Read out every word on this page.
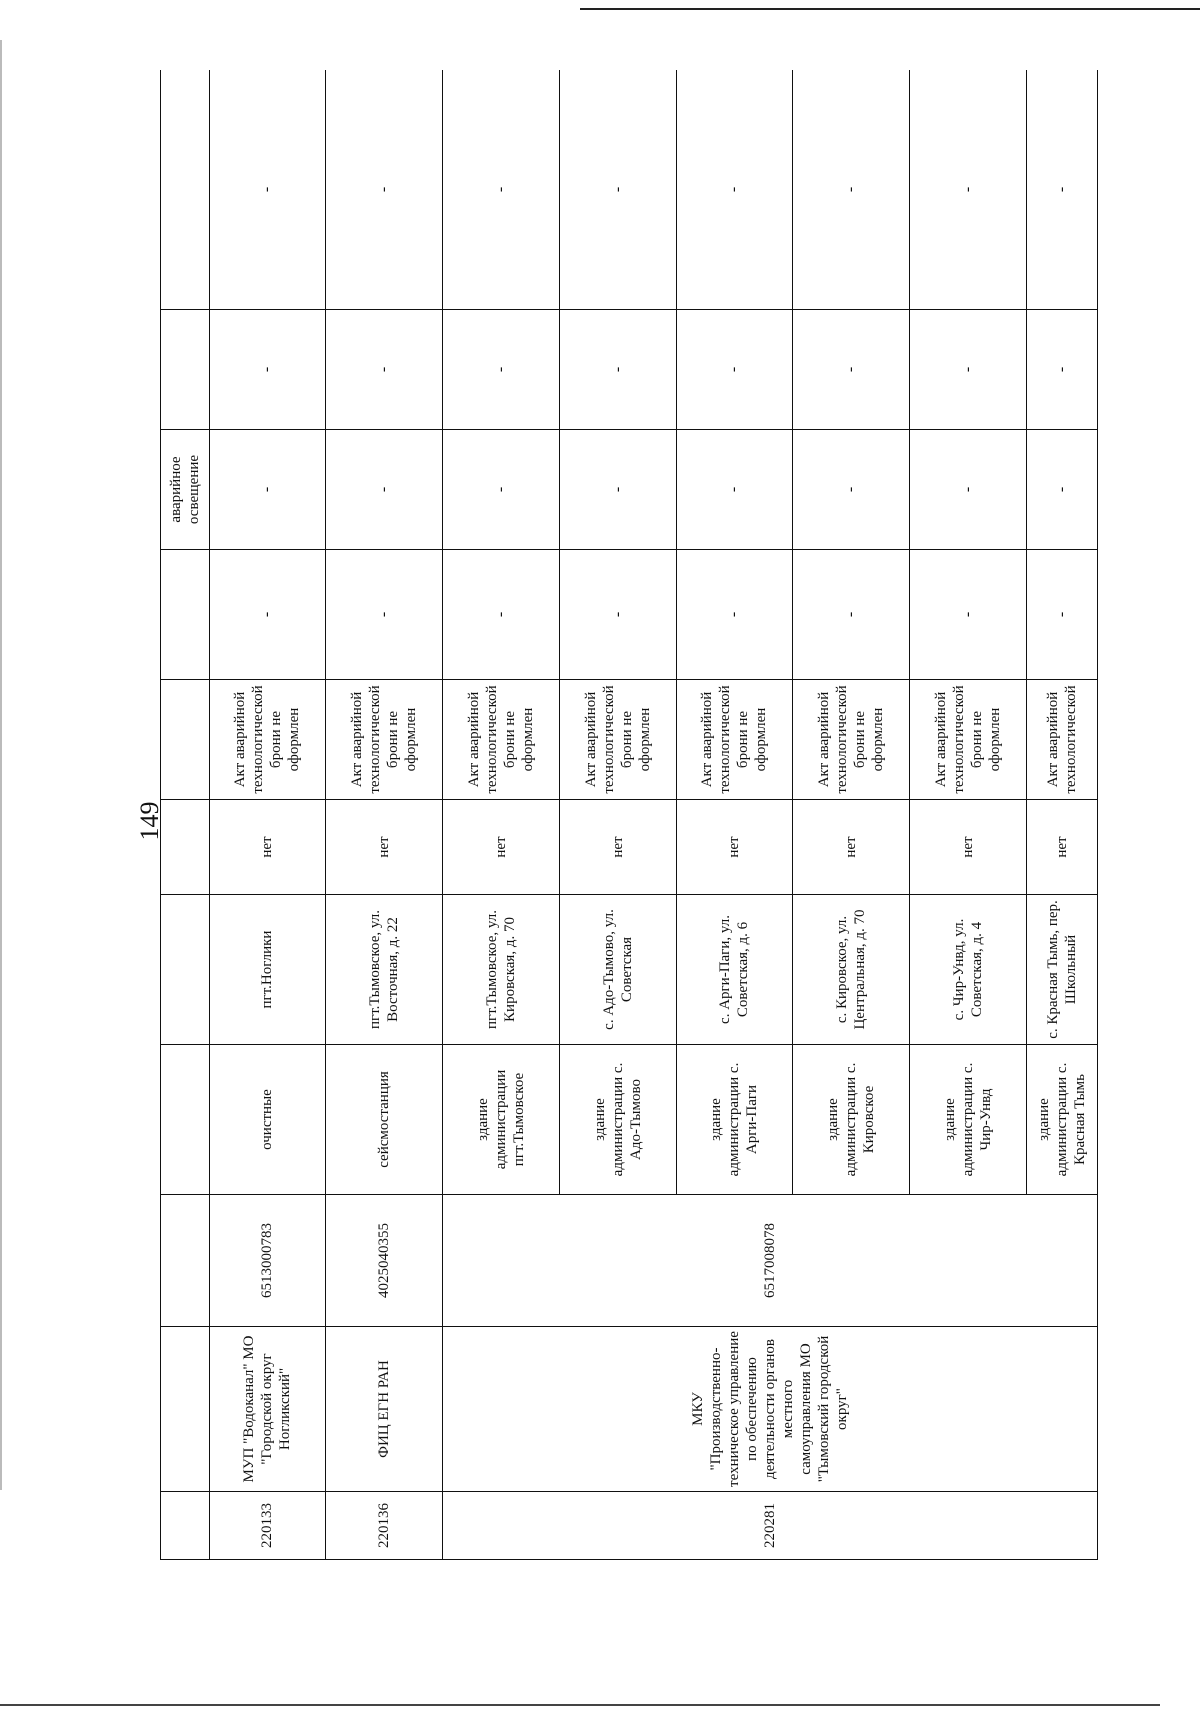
149
								аварийное освещение		
220133	МУП "Водоканал" МО "Городской округ Ногликский"	6513000783	очистные	пгт.Ноглики	нет	Акт аварийной технологической брони не оформлен	-	-	-	-
220136	ФИЦ ЕГН РАН	4025040355	сейсмостанция	пгт.Тымовское, ул. Восточная, д. 22	нет	Акт аварийной технологической брони не оформлен	-	-	-	-
220281	МКУ "Производственно-техническое управление по обеспечению деятельности органов местного самоуправления МО "Тымовский городской округ"	6517008078	здание администрации пгт.Тымовское	пгт.Тымовское, ул. Кировская, д. 70	нет	Акт аварийной технологической брони не оформлен	-	-	-	-
			здание администрации с. Адо-Тымово	с. Адо-Тымово, ул. Советская	нет	Акт аварийной технологической брони не оформлен	-	-	-	-
			здание администрации с. Арги-Паги	с. Арги-Паги, ул. Советская, д. 6	нет	Акт аварийной технологической брони не оформлен	-	-	-	-
			здание администрации с. Кировское	с. Кировское, ул. Центральная, д. 70	нет	Акт аварийной технологической брони не оформлен	-	-	-	-
			здание администрации с. Чир-Унвд	с. Чир-Унвд, ул. Советская, д. 4	нет	Акт аварийной технологической брони не оформлен	-	-	-	-
			здание администрации с. Красная Тымь	с. Красная Тымь, пер. Школьный	нет	Акт аварийной технологической	-	-	-	-
